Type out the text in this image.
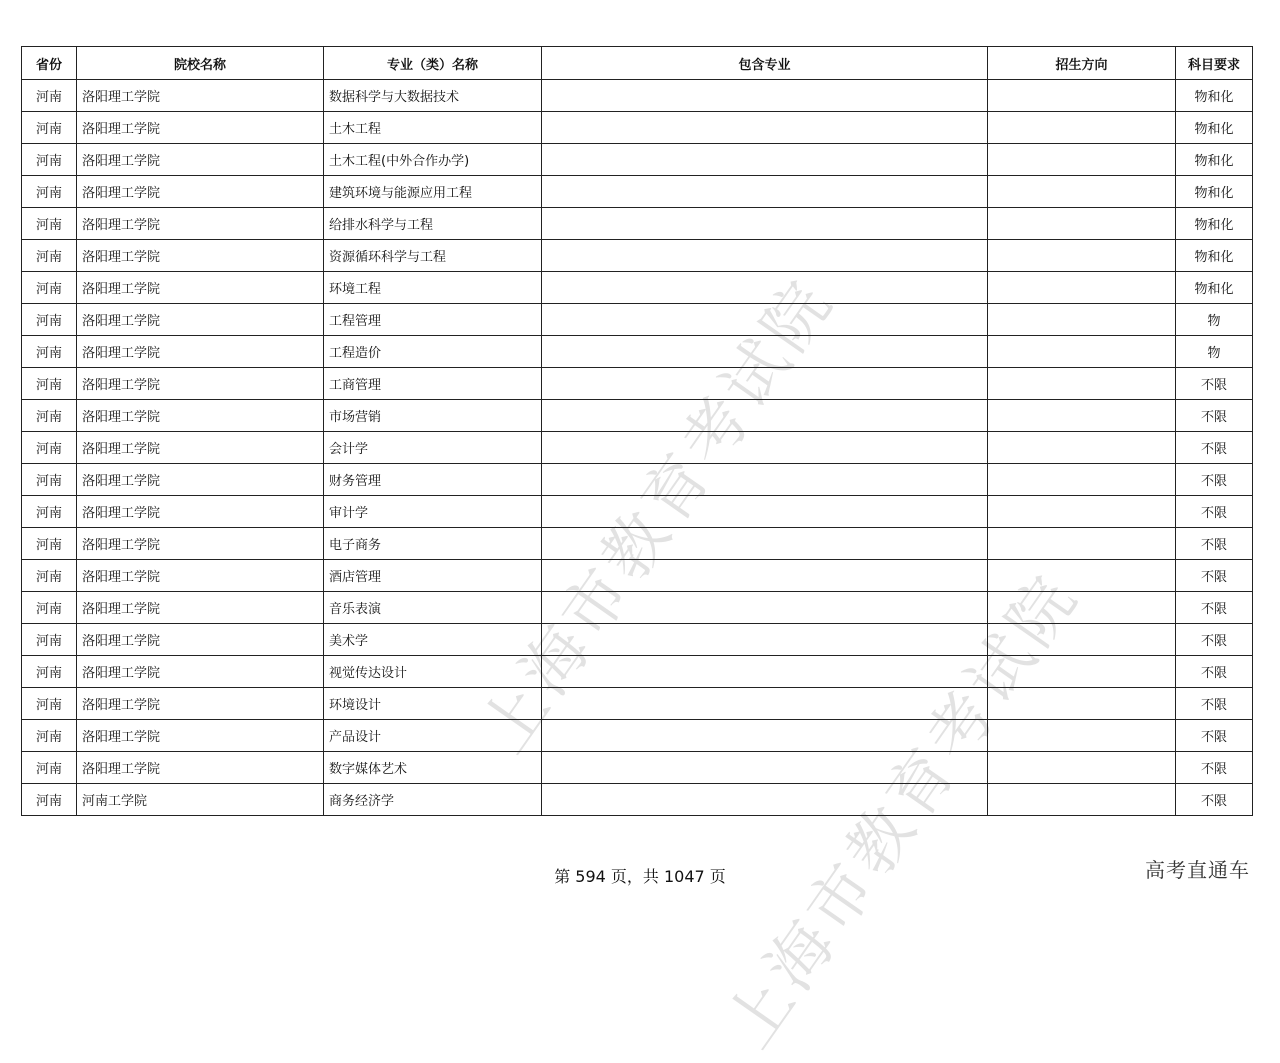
上海市教育考试院
上海市教育考试院
省份	院校名称	专业（类）名称	包含专业	招生方向	科目要求
河南	洛阳理工学院	数据科学与大数据技术			物和化
河南	洛阳理工学院	土木工程			物和化
河南	洛阳理工学院	土木工程(中外合作办学)			物和化
河南	洛阳理工学院	建筑环境与能源应用工程			物和化
河南	洛阳理工学院	给排水科学与工程			物和化
河南	洛阳理工学院	资源循环科学与工程			物和化
河南	洛阳理工学院	环境工程			物和化
河南	洛阳理工学院	工程管理			物
河南	洛阳理工学院	工程造价			物
河南	洛阳理工学院	工商管理			不限
河南	洛阳理工学院	市场营销			不限
河南	洛阳理工学院	会计学			不限
河南	洛阳理工学院	财务管理			不限
河南	洛阳理工学院	审计学			不限
河南	洛阳理工学院	电子商务			不限
河南	洛阳理工学院	酒店管理			不限
河南	洛阳理工学院	音乐表演			不限
河南	洛阳理工学院	美术学			不限
河南	洛阳理工学院	视觉传达设计			不限
河南	洛阳理工学院	环境设计			不限
河南	洛阳理工学院	产品设计			不限
河南	洛阳理工学院	数字媒体艺术			不限
河南	河南工学院	商务经济学			不限
第 594 页，共 1047 页	高考直通车
